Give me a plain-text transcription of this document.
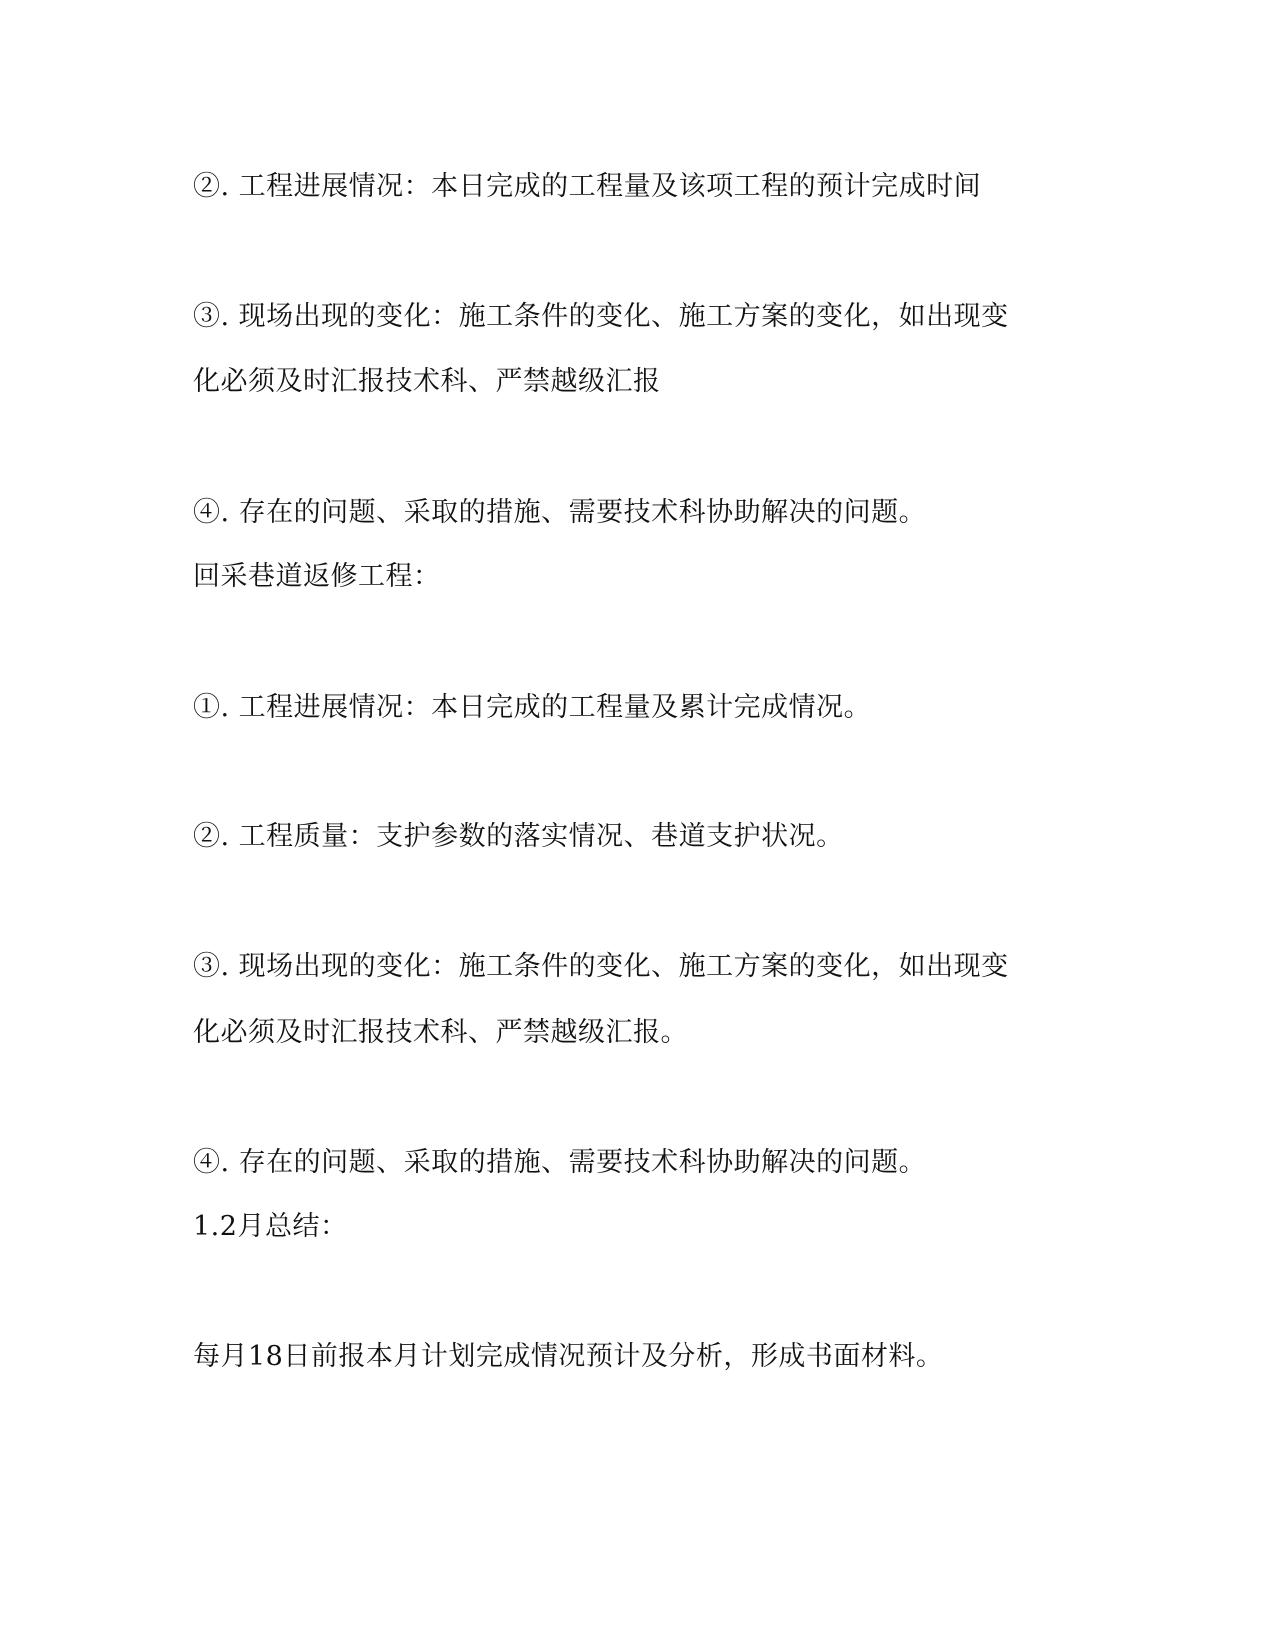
②. 工程进展情况：本日完成的工程量及该项工程的预计完成时间
③. 现场出现的变化：施工条件的变化、施工方案的变化，如出现变
化必须及时汇报技术科、严禁越级汇报
④. 存在的问题、采取的措施、需要技术科协助解决的问题。
回采巷道返修工程：
①. 工程进展情况：本日完成的工程量及累计完成情况。
②. 工程质量：支护参数的落实情况、巷道支护状况。
③. 现场出现的变化：施工条件的变化、施工方案的变化，如出现变
化必须及时汇报技术科、严禁越级汇报。
④. 存在的问题、采取的措施、需要技术科协助解决的问题。
1.2月总结：
每月18日前报本月计划完成情况预计及分析，形成书面材料。
